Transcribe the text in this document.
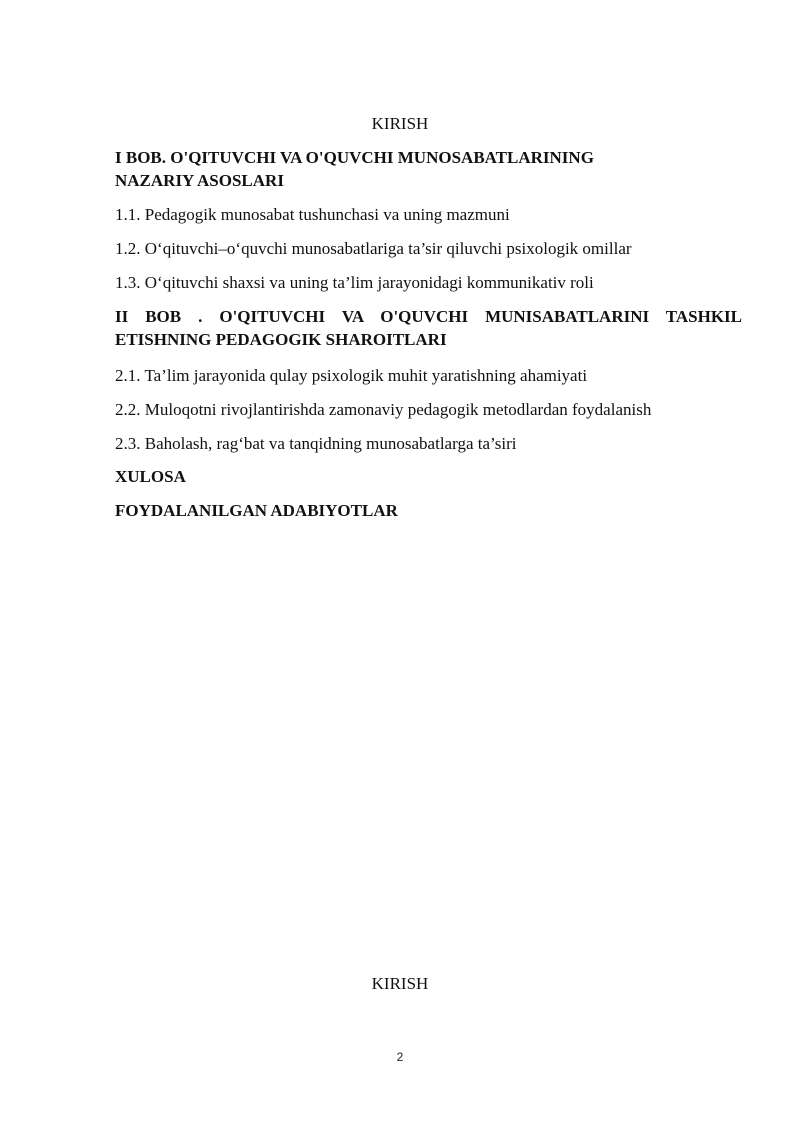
KIRISH
I BOB. O'QITUVCHI VA O'QUVCHI MUNOSABATLARINING
NAZARIY ASOSLARI
1.1. Pedagogik munosabat tushunchasi va uning mazmuni
1.2. O‘qituvchi–o‘quvchi munosabatlariga ta’sir qiluvchi psixologik omillar
1.3. O‘qituvchi shaxsi va uning ta’lim jarayonidagi kommunikativ roli
II BOB . O'QITUVCHI VA O'QUVCHI MUNISABATLARINI TASHKIL
ETISHNING PEDAGOGIK SHAROITLARI
2.1. Ta’lim jarayonida qulay psixologik muhit yaratishning ahamiyati
2.2. Muloqotni rivojlantirishda zamonaviy pedagogik metodlardan foydalanish
2.3. Baholash, rag‘bat va tanqidning munosabatlarga ta’siri
XULOSA
FOYDALANILGAN ADABIYOTLAR
KIRISH
2
